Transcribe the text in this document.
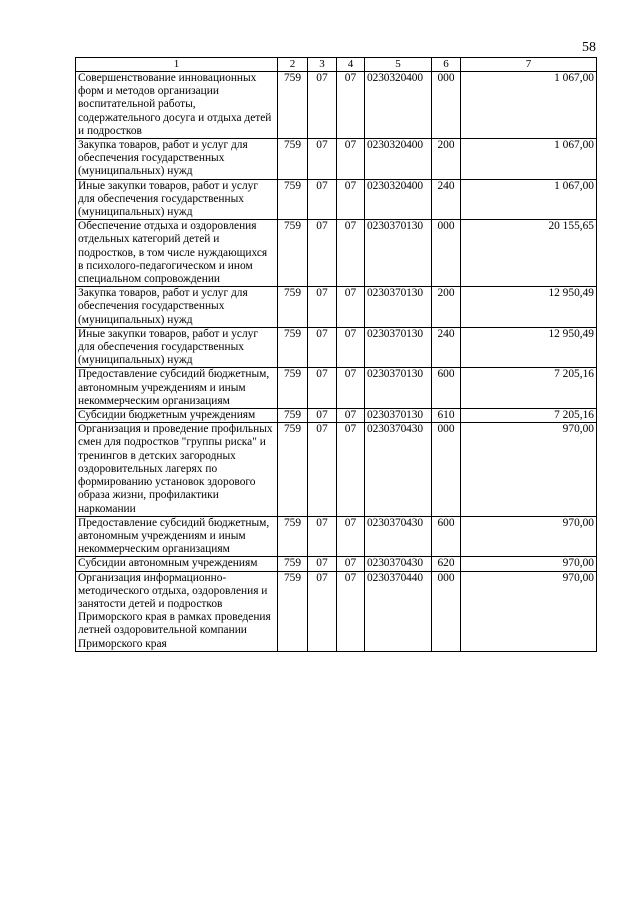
58
1	2	3	4	5	6	7
Совершенствование инновационных форм и методов организации воспитательной работы, содержательного досуга и отдыха детей и подростков	759	07	07	0230320400	000	1 067,00
Закупка товаров, работ и услуг для обеспечения государственных (муниципальных) нужд	759	07	07	0230320400	200	1 067,00
Иные закупки товаров, работ и услуг для обеспечения государственных (муниципальных) нужд	759	07	07	0230320400	240	1 067,00
Обеспечение отдыха и оздоровления отдельных категорий детей и подростков, в том числе нуждающихся в психолого-педагогическом и ином специальном сопровождении	759	07	07	0230370130	000	20 155,65
Закупка товаров, работ и услуг для обеспечения государственных (муниципальных) нужд	759	07	07	0230370130	200	12 950,49
Иные закупки товаров, работ и услуг для обеспечения государственных (муниципальных) нужд	759	07	07	0230370130	240	12 950,49
Предоставление субсидий бюджетным, автономным учреждениям и иным некоммерческим организациям	759	07	07	0230370130	600	7 205,16
Субсидии бюджетным учреждениям	759	07	07	0230370130	610	7 205,16
Организация и проведение профильных смен для подростков "группы риска" и тренингов в детских загородных оздоровительных лагерях по формированию установок здорового образа жизни, профилактики наркомании	759	07	07	0230370430	000	970,00
Предоставление субсидий бюджетным, автономным учреждениям и иным некоммерческим организациям	759	07	07	0230370430	600	970,00
Субсидии автономным учреждениям	759	07	07	0230370430	620	970,00
Организация информационно-методического отдыха, оздоровления и занятости детей и подростков Приморского края в рамках проведения летней оздоровительной компании Приморского края	759	07	07	0230370440	000	970,00
